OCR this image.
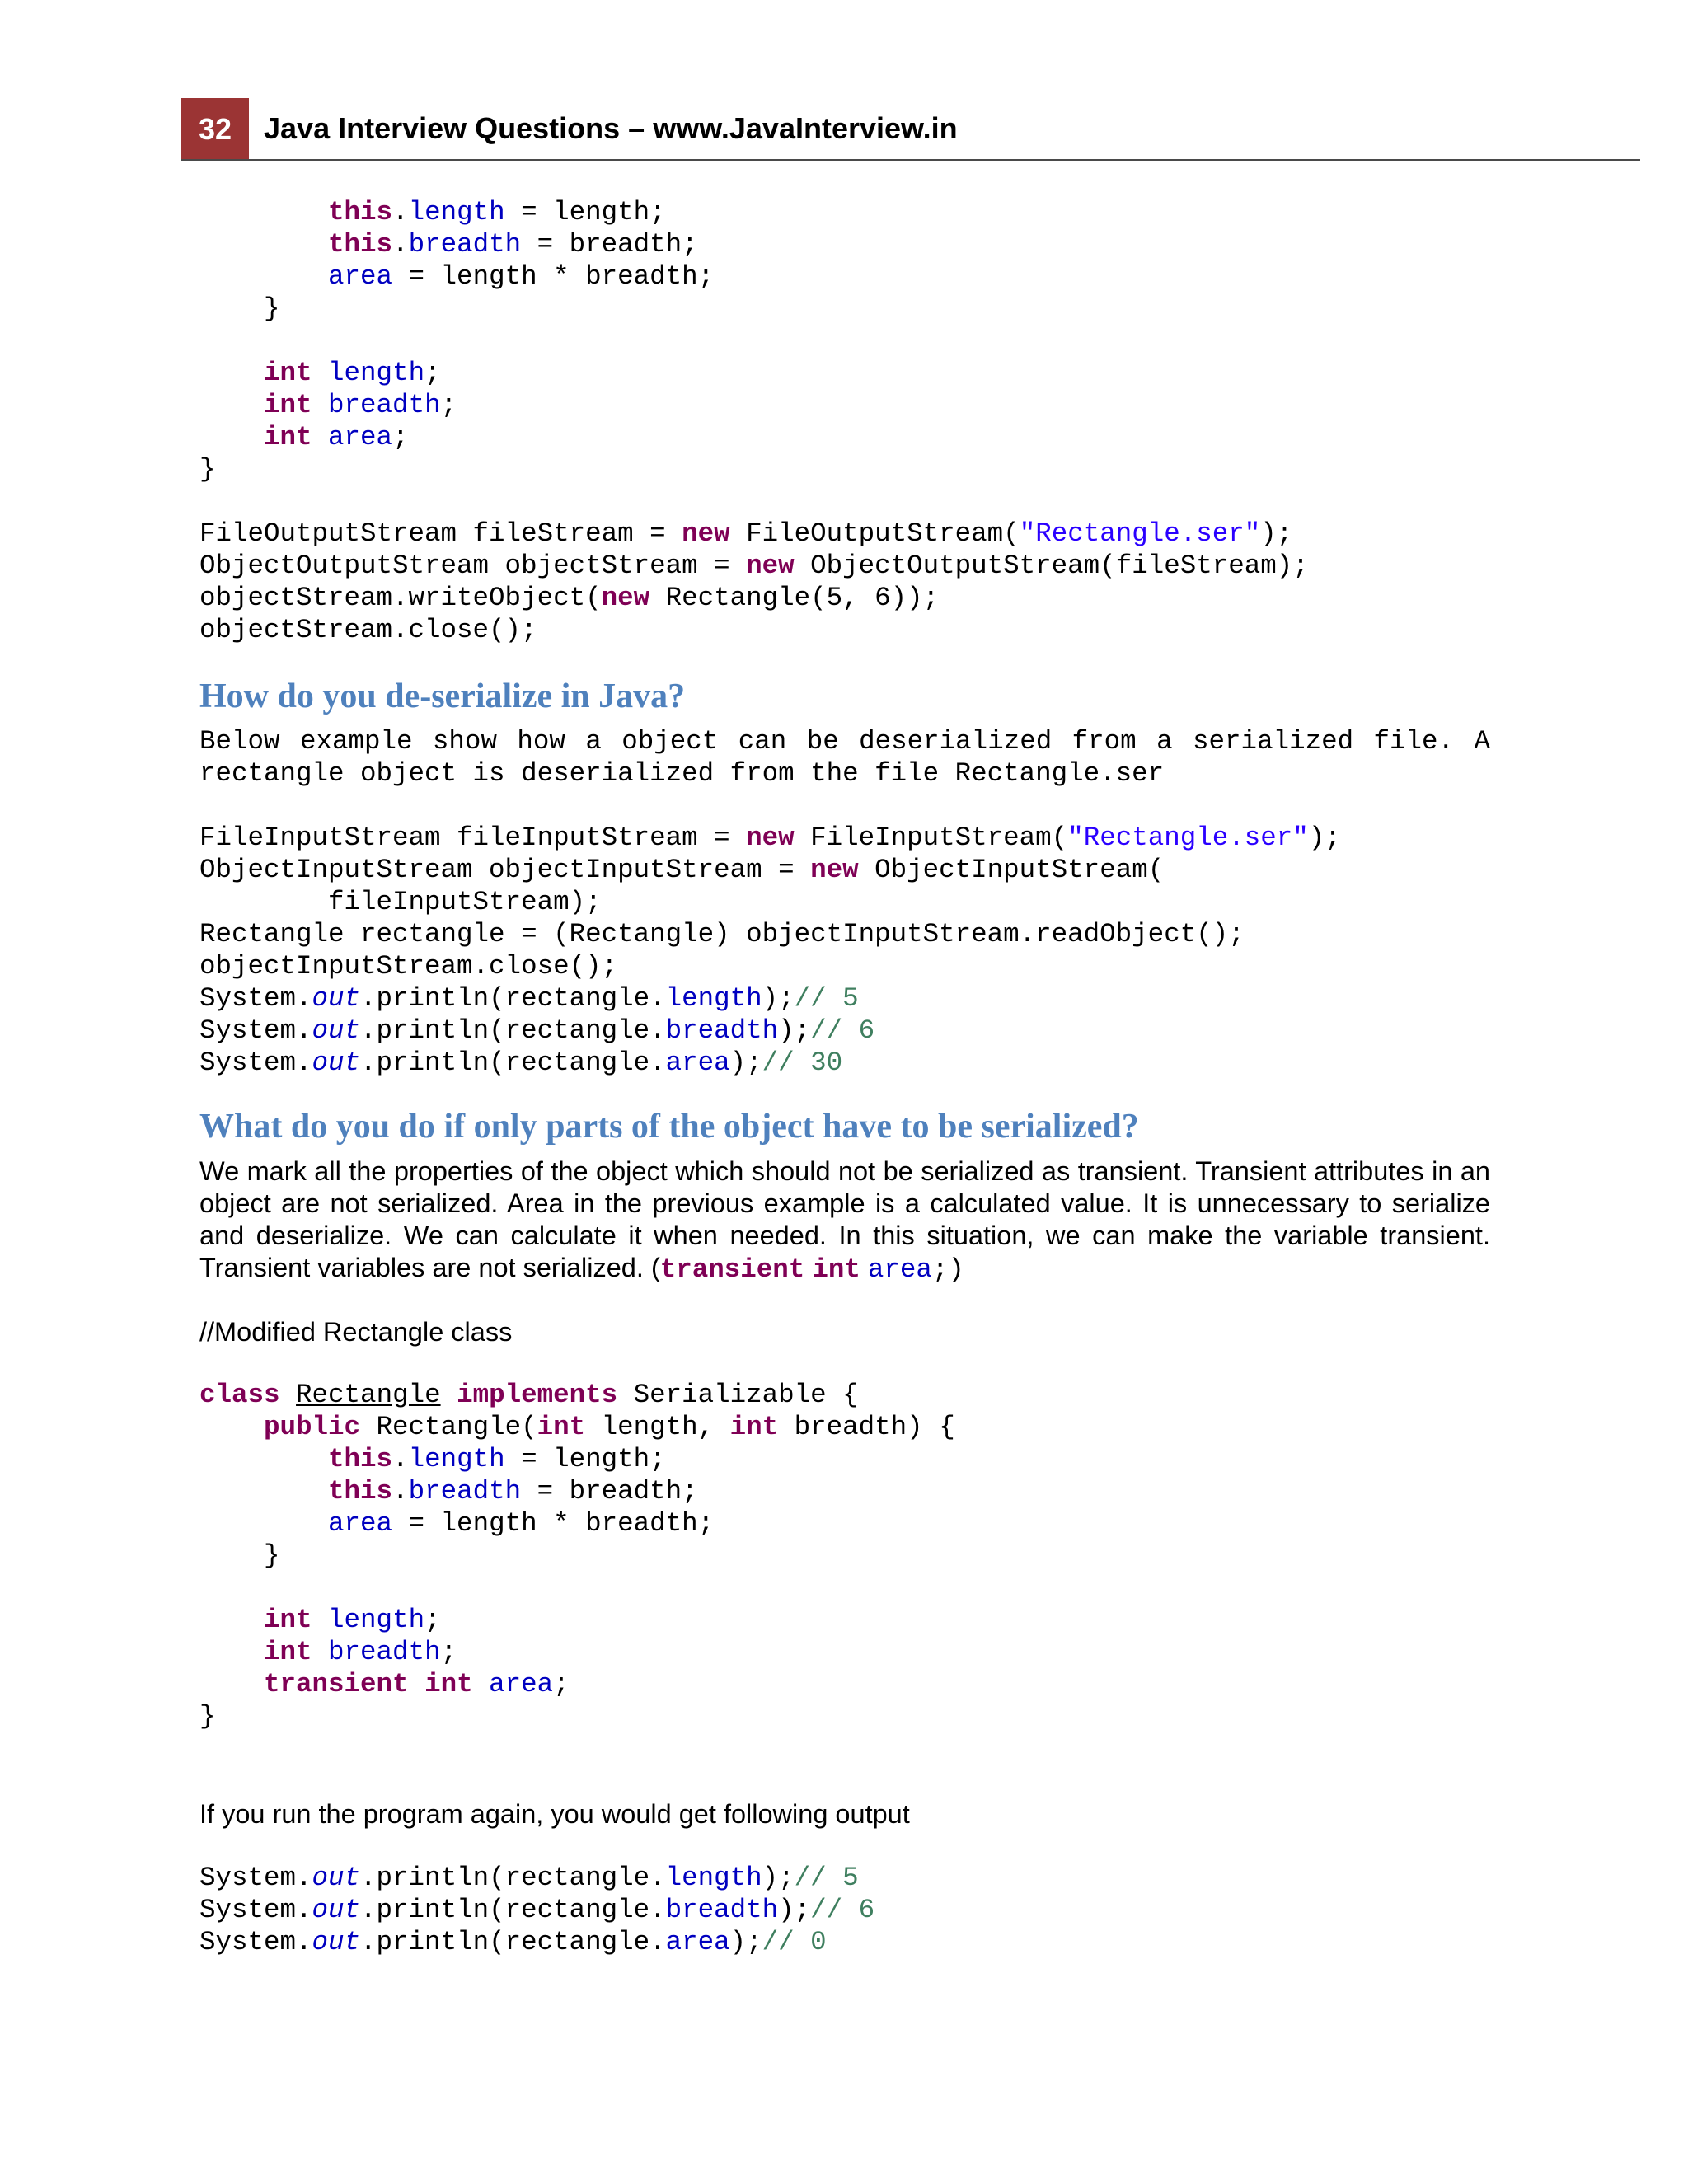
32	Java Interview Questions – www.JavaInterview.in
this.length = length;
this.breadth = breadth;
area = length * breadth;
}

int length;
int breadth;
int area;
}

FileOutputStream fileStream = new FileOutputStream("Rectangle.ser");
ObjectOutputStream objectStream = new ObjectOutputStream(fileStream);
objectStream.writeObject(new Rectangle(5, 6));
objectStream.close();
How do you de-serialize in Java?

Below example show how a object can be deserialized from a serialized file. A rectangle object is deserialized from the file Rectangle.ser

FileInputStream fileInputStream = new FileInputStream("Rectangle.ser");
ObjectInputStream objectInputStream = new ObjectInputStream(
fileInputStream);
Rectangle rectangle = (Rectangle) objectInputStream.readObject();
objectInputStream.close();
System.out.println(rectangle.length);// 5
System.out.println(rectangle.breadth);// 6
System.out.println(rectangle.area);// 30
What do you do if only parts of the object have to be serialized?

We mark all the properties of the object which should not be serialized as transient. Transient attributes in an object are not serialized. Area in the previous example is a calculated value. It is unnecessary to serialize and deserialize. We can calculate it when needed. In this situation, we can make the variable transient. Transient variables are not serialized. (transient int area;)

//Modified Rectangle class

class Rectangle implements Serializable {
public Rectangle(int length, int breadth) {
this.length = length;
this.breadth = breadth;
area = length * breadth;
}

int length;
int breadth;
transient int area;
}

If you run the program again, you would get following output

System.out.println(rectangle.length);// 5
System.out.println(rectangle.breadth);// 6
System.out.println(rectangle.area);// 0
